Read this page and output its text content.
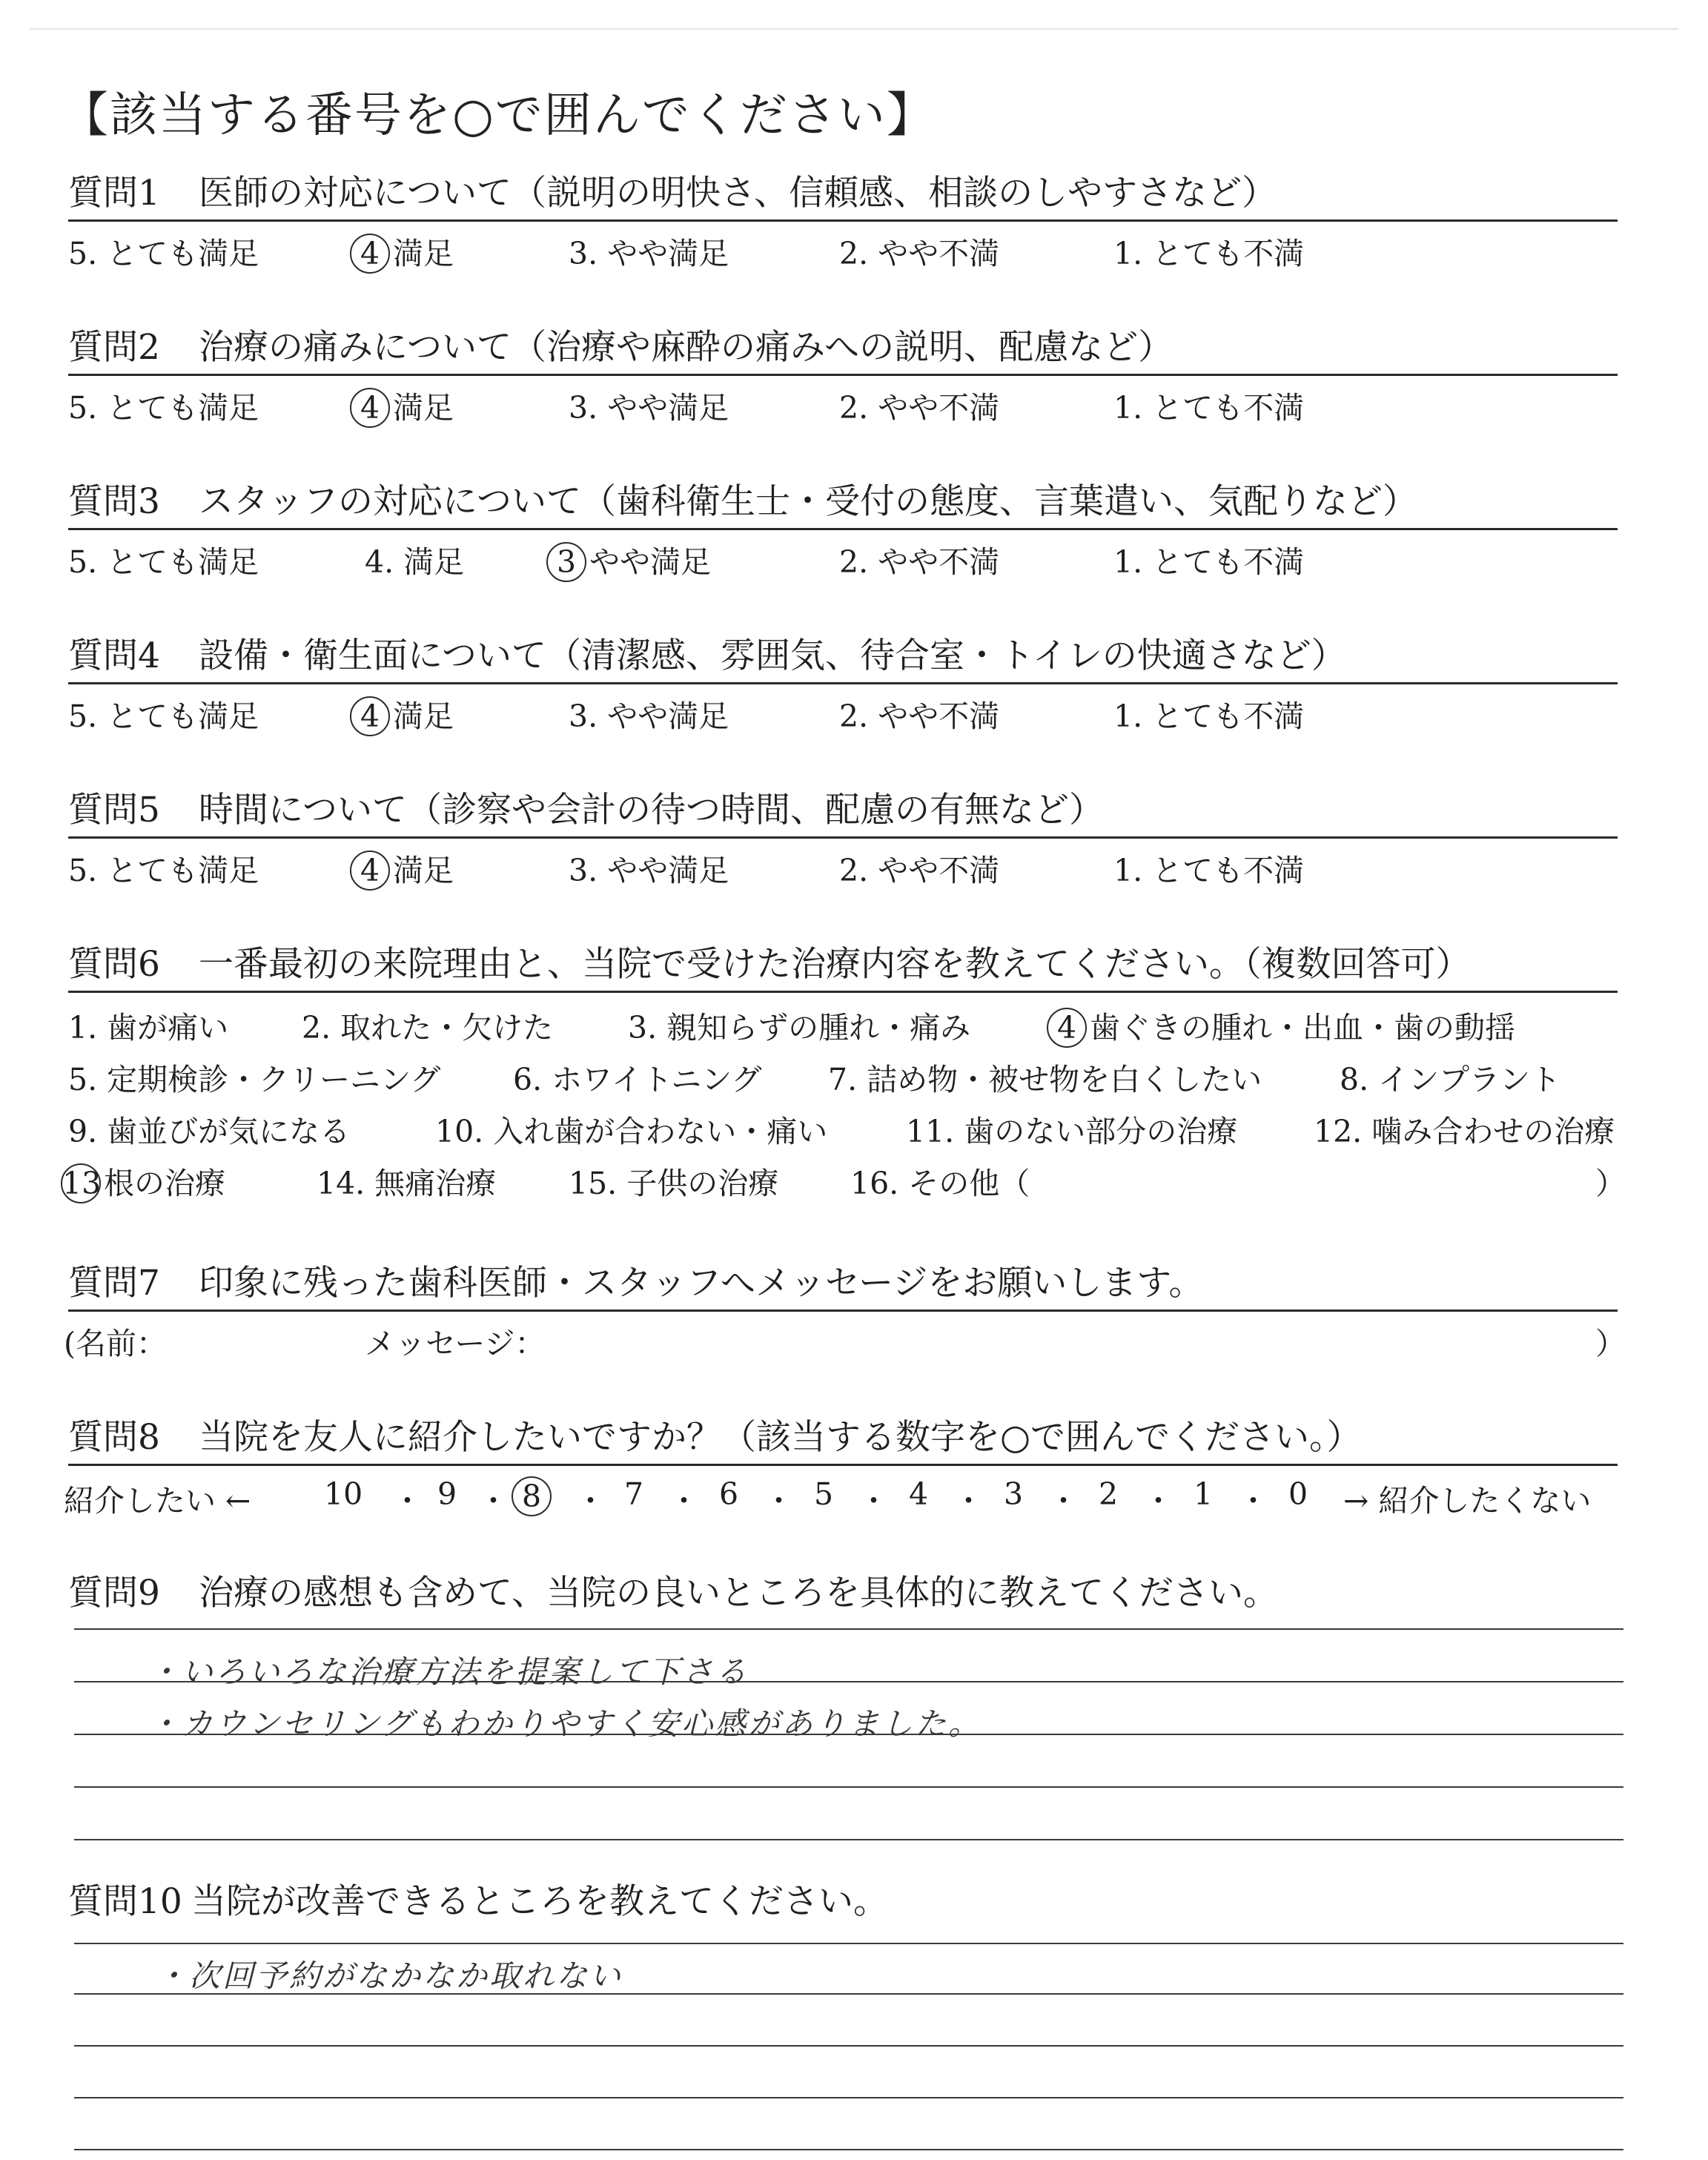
【該当する番号を○で囲んでください】
質問1 医師の対応について（説明の明快さ、信頼感、相談のしやすさなど）
5. とても満足	4 満足	3. やや満足	2. やや不満	1. とても不満
質問2 治療の痛みについて（治療や麻酔の痛みへの説明、配慮など）
5. とても満足	4 満足	3. やや満足	2. やや不満	1. とても不満
質問3 スタッフの対応について（歯科衛生士・受付の態度、言葉遣い、気配りなど）
5. とても満足	4. 満足	3 やや満足	2. やや不満	1. とても不満
質問4 設備・衛生面について（清潔感、雰囲気、待合室・トイレの快適さなど）
5. とても満足	4 満足	3. やや満足	2. やや不満	1. とても不満
質問5 時間について（診察や会計の待つ時間、配慮の有無など）
5. とても満足	4 満足	3. やや満足	2. やや不満	1. とても不満
質問6 一番最初の来院理由と、当院で受けた治療内容を教えてください。（複数回答可）
1. 歯が痛い 2. 取れた・欠けた 3. 親知らずの腫れ・痛み	4 歯ぐきの腫れ・出血・歯の動揺
5. 定期検診・クリーニング 6. ホワイトニング 7. 詰め物・被せ物を白くしたい	8. インプラント
9. 歯並びが気になる	10. 入れ歯が合わない・痛い	11. 歯のない部分の治療	12. 噛み合わせの治療
13根の治療	14. 無痛治療 15. 子供の治療 16. その他（	）
質問7 印象に残った歯科医師・スタッフへメッセージをお願いします。
(名前：	メッセージ：	）
質問8 当院を友人に紹介したいですか？（該当する数字を○で囲んでください。）
紹介したい ← 10 ・ 9 ・ 8	・ 7 ・ 6 ・ 5 ・ 4 ・ 3 ・ 2 ・ 1 ・ 0 → 紹介したくない
質問9 治療の感想も含めて、当院の良いところを具体的に教えてください。
・いろいろな治療方法を提案して下さる
・カウンセリングもわかりやすく安心感がありました。
質問10 当院が改善できるところを教えてください。
・次回予約がなかなか取れない
